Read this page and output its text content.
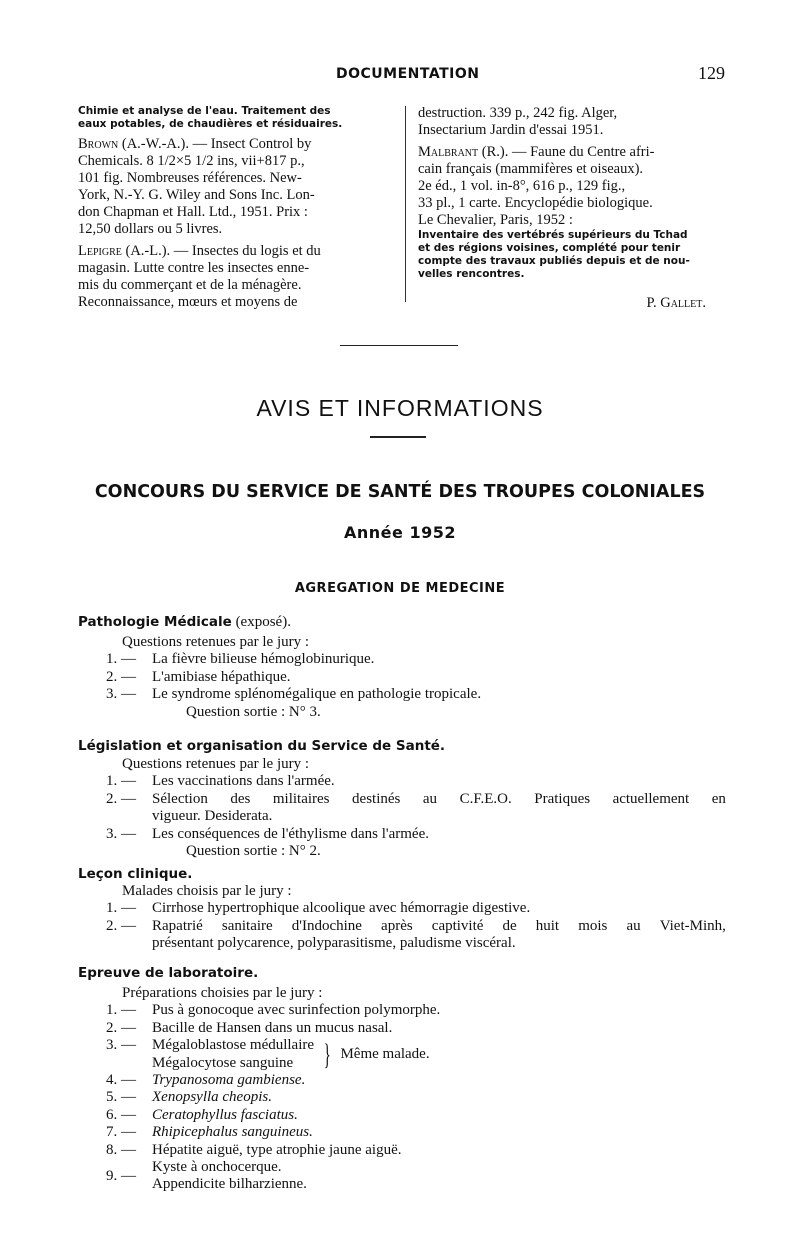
DOCUMENTATION	129
Chimie et analyse de l'eau. Traitement des
eaux potables, de chaudières et résiduaires.

Brown (A.-W.-A.). — Insect Control by

Chemicals. 8 1/2×5 1/2 ins, vii+817 p.,

101 fig. Nombreuses références. New-

York, N.-Y. G. Wiley and Sons Inc. Lon-

don Chapman et Hall. Ltd., 1951. Prix :

12,50 dollars ou 5 livres.

Lepigre (A.-L.). — Insectes du logis et du

magasin. Lutte contre les insectes enne-

mis du commerçant et de la ménagère.

Reconnaissance, mœurs et moyens de

destruction. 339 p., 242 fig. Alger,

Insectarium Jardin d'essai 1951.

Malbrant (R.). — Faune du Centre afri-

cain français (mammifères et oiseaux).

2e éd., 1 vol. in-8°, 616 p., 129 fig.,

33 pl., 1 carte. Encyclopédie biologique.

Le Chevalier, Paris, 1952 :

Inventaire des vertébrés supérieurs du Tchad
et des régions voisines, complété pour tenir
compte des travaux publiés depuis et de nou-
velles rencontres.

P. Gallet.

AVIS ET INFORMATIONS
CONCOURS DU SERVICE DE SANTÉ DES TROUPES COLONIALES
Année 1952
AGREGATION DE MEDECINE
Pathologie Médicale (exposé).

Questions retenues par le jury :

1. — La fièvre bilieuse hémoglobinurique.

2. — L'amibiase hépathique.

3. — Le syndrome splénomégalique en pathologie tropicale.

Question sortie : N° 3.

Législation et organisation du Service de Santé.

Questions retenues par le jury :

1. — Les vaccinations dans l'armée.

2. —	Sélection des militaires destinés au C.F.E.O. Pratiques actuellement en

vigueur. Desiderata.

3. — Les conséquences de l'éthylisme dans l'armée.

Question sortie : N° 2.

Leçon clinique.

Malades choisis par le jury :

1. — Cirrhose hypertrophique alcoolique avec hémorragie digestive.

2. —	Rapatrié sanitaire d'Indochine après captivité de huit mois au Viet-Minh,

présentant polycarence, polyparasitisme, paludisme viscéral.

Epreuve de laboratoire.

Préparations choisies par le jury :

1. — Pus à gonocoque avec surinfection polymorphe.

2. — Bacille de Hansen dans un mucus nasal.

3. — Mégaloblastose médullaire

Mégalocytose sanguine	} Même malade.

4. — Trypanosoma gambiense.

5. — Xenopsylla cheopis.

6. — Ceratophyllus fasciatus.

7. — Rhipicephalus sanguineus.

8. — Hépatite aiguë, type atrophie jaune aiguë.

9. —

Kyste à onchocerque.

Appendicite bilharzienne.
